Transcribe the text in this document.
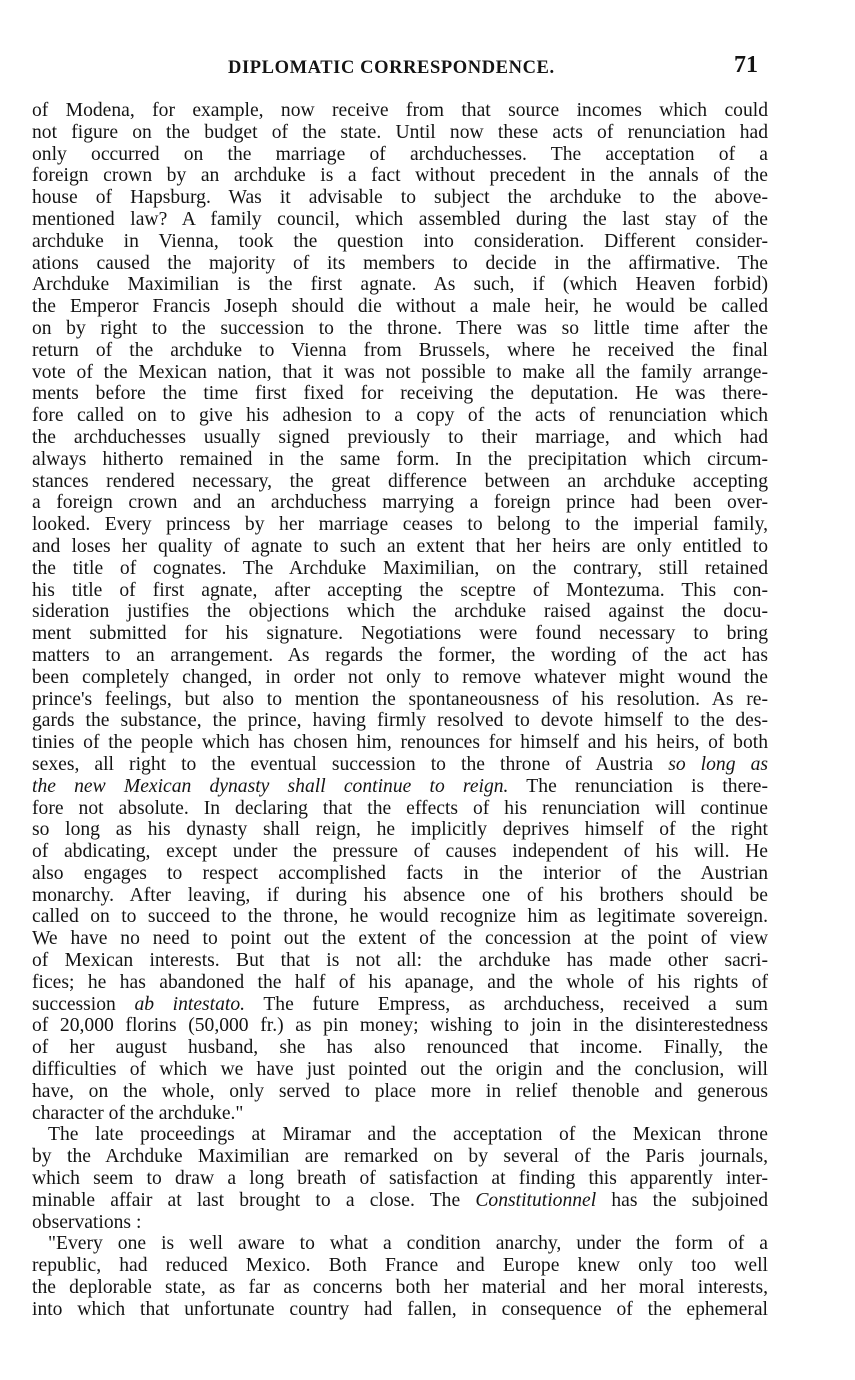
DIPLOMATIC CORRESPONDENCE.	71
of Modena, for example, now receive from that source incomes which could
not figure on the budget of the state. Until now these acts of renunciation had
only occurred on the marriage of archduchesses. The acceptation of a
foreign crown by an archduke is a fact without precedent in the annals of the
house of Hapsburg. Was it advisable to subject the archduke to the above-
mentioned law? A family council, which assembled during the last stay of the
archduke in Vienna, took the question into consideration. Different consider-
ations caused the majority of its members to decide in the affirmative. The
Archduke Maximilian is the first agnate. As such, if (which Heaven forbid)
the Emperor Francis Joseph should die without a male heir, he would be called
on by right to the succession to the throne. There was so little time after the
return of the archduke to Vienna from Brussels, where he received the final
vote of the Mexican nation, that it was not possible to make all the family arrange-
ments before the time first fixed for receiving the deputation. He was there-
fore called on to give his adhesion to a copy of the acts of renunciation which
the archduchesses usually signed previously to their marriage, and which had
always hitherto remained in the same form. In the precipitation which circum-
stances rendered necessary, the great difference between an archduke accepting
a foreign crown and an archduchess marrying a foreign prince had been over-
looked. Every princess by her marriage ceases to belong to the imperial family,
and loses her quality of agnate to such an extent that her heirs are only entitled to
the title of cognates. The Archduke Maximilian, on the contrary, still retained
his title of first agnate, after accepting the sceptre of Montezuma. This con-
sideration justifies the objections which the archduke raised against the docu-
ment submitted for his signature. Negotiations were found necessary to bring
matters to an arrangement. As regards the former, the wording of the act has
been completely changed, in order not only to remove whatever might wound the
prince's feelings, but also to mention the spontaneousness of his resolution. As re-
gards the substance, the prince, having firmly resolved to devote himself to the des-
tinies of the people which has chosen him, renounces for himself and his heirs, of both
sexes, all right to the eventual succession to the throne of Austria so long as
the new Mexican dynasty shall continue to reign. The renunciation is there-
fore not absolute. In declaring that the effects of his renunciation will continue
so long as his dynasty shall reign, he implicitly deprives himself of the right
of abdicating, except under the pressure of causes independent of his will. He
also engages to respect accomplished facts in the interior of the Austrian
monarchy. After leaving, if during his absence one of his brothers should be
called on to succeed to the throne, he would recognize him as legitimate sovereign.
We have no need to point out the extent of the concession at the point of view
of Mexican interests. But that is not all: the archduke has made other sacri-
fices; he has abandoned the half of his apanage, and the whole of his rights of
succession ab intestato. The future Empress, as archduchess, received a sum
of 20,000 florins (50,000 fr.) as pin money; wishing to join in the disinterestedness
of her august husband, she has also renounced that income. Finally, the
difficulties of which we have just pointed out the origin and the conclusion, will
have, on the whole, only served to place more in relief thenoble and generous
character of the archduke."
The late proceedings at Miramar and the acceptation of the Mexican throne
by the Archduke Maximilian are remarked on by several of the Paris journals,
which seem to draw a long breath of satisfaction at finding this apparently inter-
minable affair at last brought to a close. The Constitutionnel has the subjoined
observations :
"Every one is well aware to what a condition anarchy, under the form of a
republic, had reduced Mexico. Both France and Europe knew only too well
the deplorable state, as far as concerns both her material and her moral interests,
into which that unfortunate country had fallen, in consequence of the ephemeral
